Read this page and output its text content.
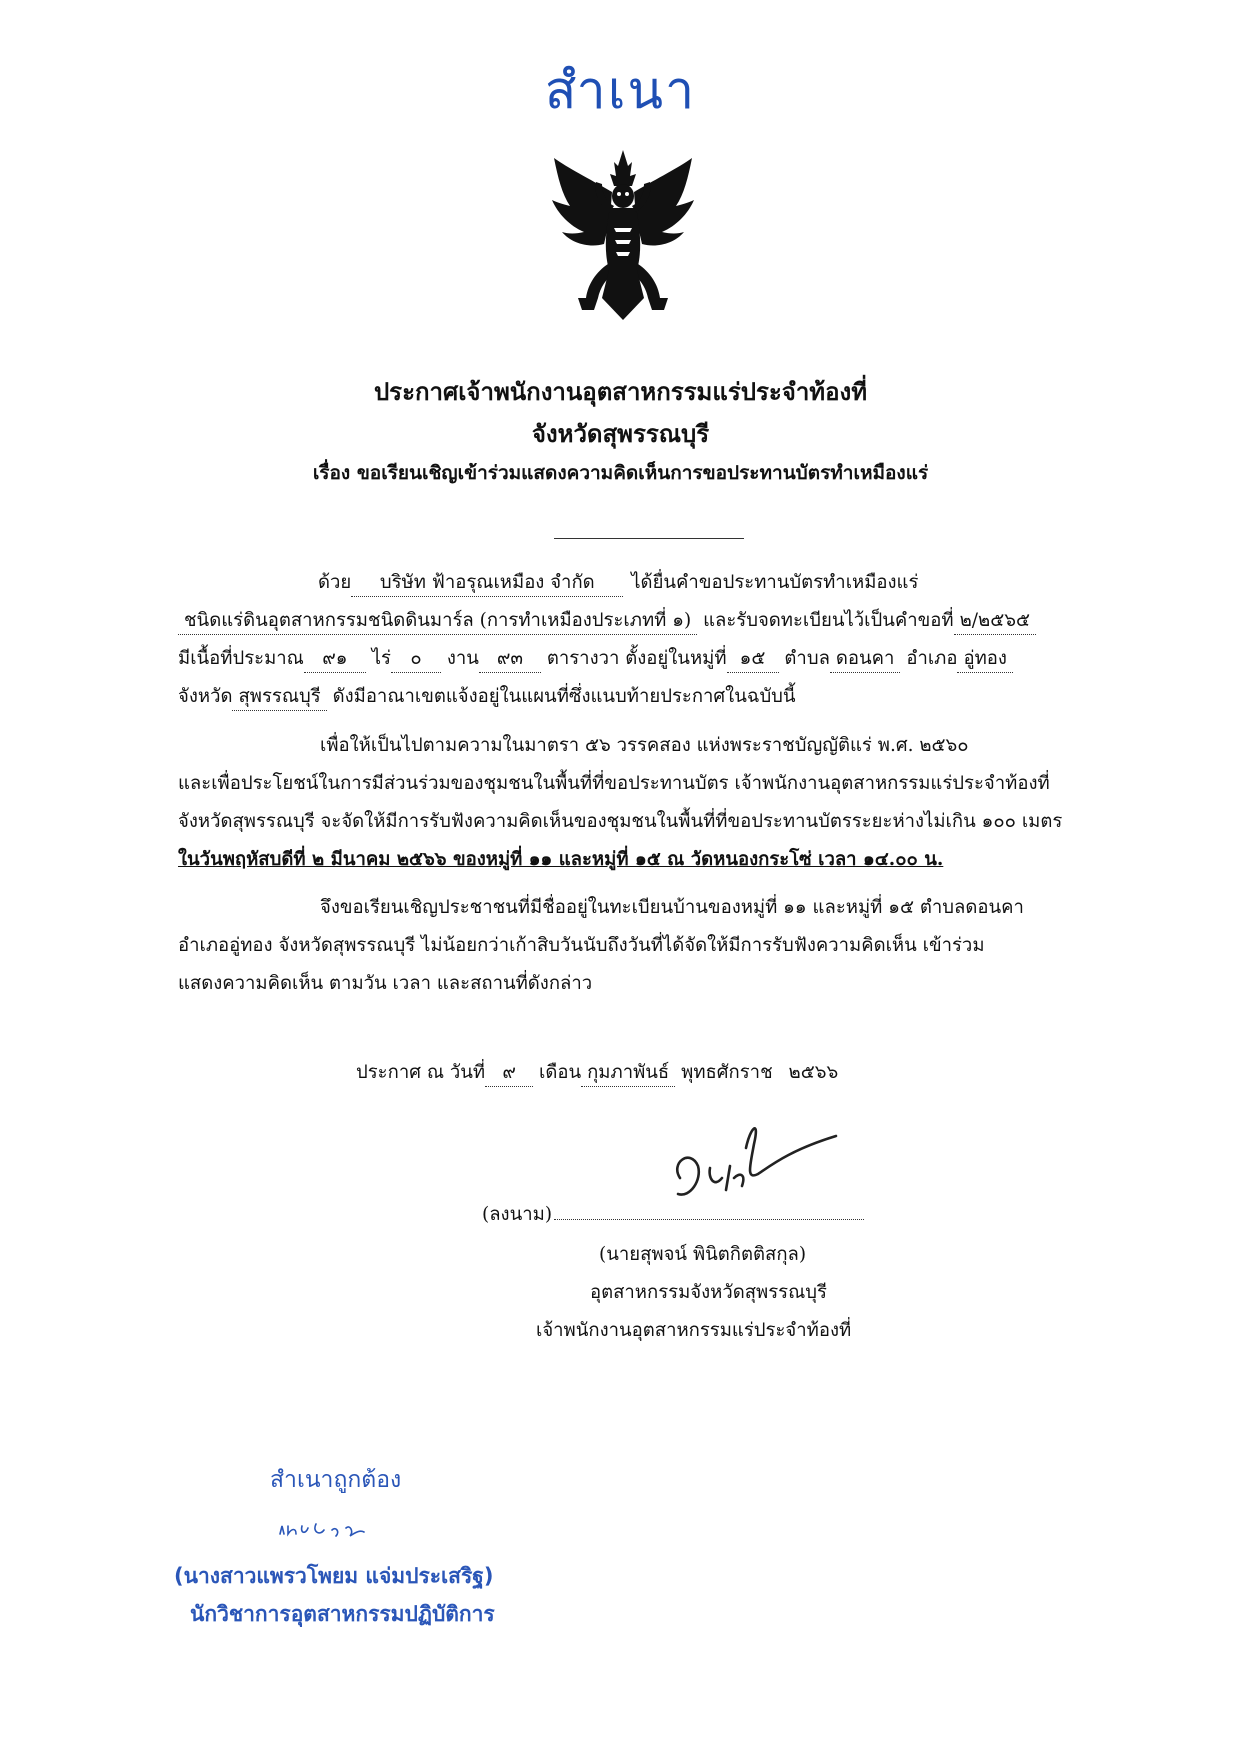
สำเนา
ประกาศเจ้าพนักงานอุตสาหกรรมแร่ประจำท้องที่
จังหวัดสุพรรณบุรี
เรื่อง ขอเรียนเชิญเข้าร่วมแสดงความคิดเห็นการขอประทานบัตรทำเหมืองแร่
ด้วย บริษัท ฟ้าอรุณเหมือง จำกัด ได้ยื่นคำขอประทานบัตรทำเหมืองแร่
ชนิดแร่ดินอุตสาหกรรมชนิดดินมาร์ล (การทำเหมืองประเภทที่ ๑) และรับจดทะเบียนไว้เป็นคำขอที่ ๒/๒๕๖๕
มีเนื้อที่ประมาณ ๙๑ ไร่ ๐ งาน ๙๓ ตารางวา ตั้งอยู่ในหมู่ที่ ๑๕ ตำบล ดอนคา อำเภอ อู่ทอง
จังหวัด สุพรรณบุรี ดังมีอาณาเขตแจ้งอยู่ในแผนที่ซึ่งแนบท้ายประกาศในฉบับนี้
เพื่อให้เป็นไปตามความในมาตรา ๕๖ วรรคสอง แห่งพระราชบัญญัติแร่ พ.ศ. ๒๕๖๐
และเพื่อประโยชน์ในการมีส่วนร่วมของชุมชนในพื้นที่ที่ขอประทานบัตร เจ้าพนักงานอุตสาหกรรมแร่ประจำท้องที่
จังหวัดสุพรรณบุรี จะจัดให้มีการรับฟังความคิดเห็นของชุมชนในพื้นที่ที่ขอประทานบัตรระยะห่างไม่เกิน ๑๐๐ เมตร
ในวันพฤหัสบดีที่ ๒ มีนาคม ๒๕๖๖ ของหมู่ที่ ๑๑ และหมู่ที่ ๑๕ ณ วัดหนองกระโซ่ เวลา ๑๔.๐๐ น.
จึงขอเรียนเชิญประชาชนที่มีชื่ออยู่ในทะเบียนบ้านของหมู่ที่ ๑๑ และหมู่ที่ ๑๕ ตำบลดอนคา
อำเภออู่ทอง จังหวัดสุพรรณบุรี ไม่น้อยกว่าเก้าสิบวันนับถึงวันที่ได้จัดให้มีการรับฟังความคิดเห็น เข้าร่วม
แสดงความคิดเห็น ตามวัน เวลา และสถานที่ดังกล่าว
ประกาศ ณ วันที่ ๙ เดือน กุมภาพันธ์ พุทธศักราช ๒๕๖๖
(ลงนาม)
(นายสุพจน์ พินิตกิตติสกุล)
อุตสาหกรรมจังหวัดสุพรรณบุรี
เจ้าพนักงานอุตสาหกรรมแร่ประจำท้องที่
สำเนาถูกต้อง
(นางสาวแพรวโพยม แจ่มประเสริฐ)
นักวิชาการอุตสาหกรรมปฏิบัติการ
